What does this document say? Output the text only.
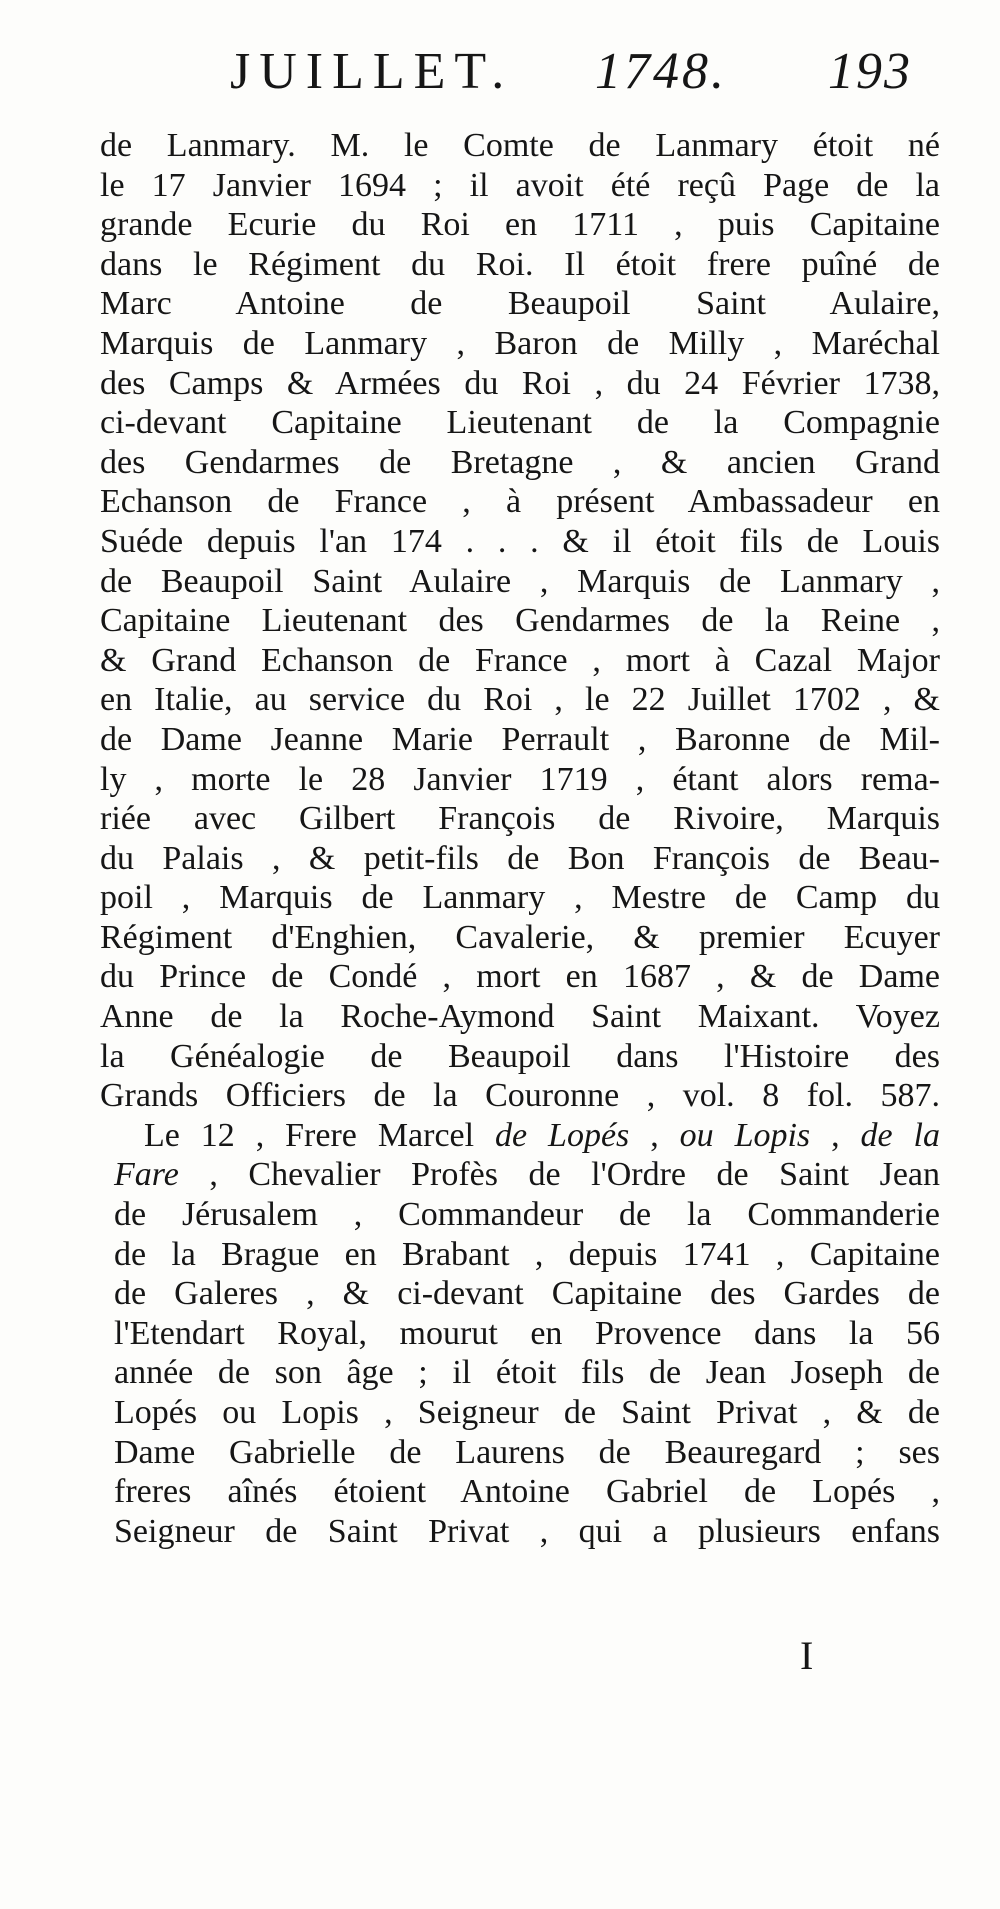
JUILLET. 1748. 193
de Lanmary. M. le Comte de Lanmary étoit né
le 17 Janvier 1694 ; il avoit été reçû Page de la
grande Ecurie du Roi en 1711 , puis Capitaine
dans le Régiment du Roi. Il étoit frere puîné de
Marc Antoine de Beaupoil Saint Aulaire,
Marquis de Lanmary , Baron de Milly , Maréchal
des Camps & Armées du Roi , du 24 Février 1738,
ci-devant Capitaine Lieutenant de la Compagnie
des Gendarmes de Bretagne , & ancien Grand
Echanson de France , à présent Ambassadeur en
Suéde depuis l'an 174 . . . & il étoit fils de Louis
de Beaupoil Saint Aulaire , Marquis de Lanmary ,
Capitaine Lieutenant des Gendarmes de la Reine ,
& Grand Echanson de France , mort à Cazal Major
en Italie, au service du Roi , le 22 Juillet 1702 , &
de Dame Jeanne Marie Perrault , Baronne de Mil-
ly , morte le 28 Janvier 1719 , étant alors rema-
riée avec Gilbert François de Rivoire, Marquis
du Palais , & petit-fils de Bon François de Beau-
poil , Marquis de Lanmary , Mestre de Camp du
Régiment d'Enghien, Cavalerie, & premier Ecuyer
du Prince de Condé , mort en 1687 , & de Dame
Anne de la Roche-Aymond Saint Maixant. Voyez
la Généalogie de Beaupoil dans l'Histoire des
Grands Officiers de la Couronne , vol. 8 fol. 587.
Le 12 , Frere Marcel de Lopés , ou Lopis , de la
Fare , Chevalier Profès de l'Ordre de Saint Jean
de Jérusalem , Commandeur de la Commanderie
de la Brague en Brabant , depuis 1741 , Capitaine
de Galeres , & ci-devant Capitaine des Gardes de
l'Etendart Royal, mourut en Provence dans la 56
année de son âge ; il étoit fils de Jean Joseph de
Lopés ou Lopis , Seigneur de Saint Privat , & de
Dame Gabrielle de Laurens de Beauregard ; ses
freres aînés étoient Antoine Gabriel de Lopés ,
Seigneur de Saint Privat , qui a plusieurs enfans
I
